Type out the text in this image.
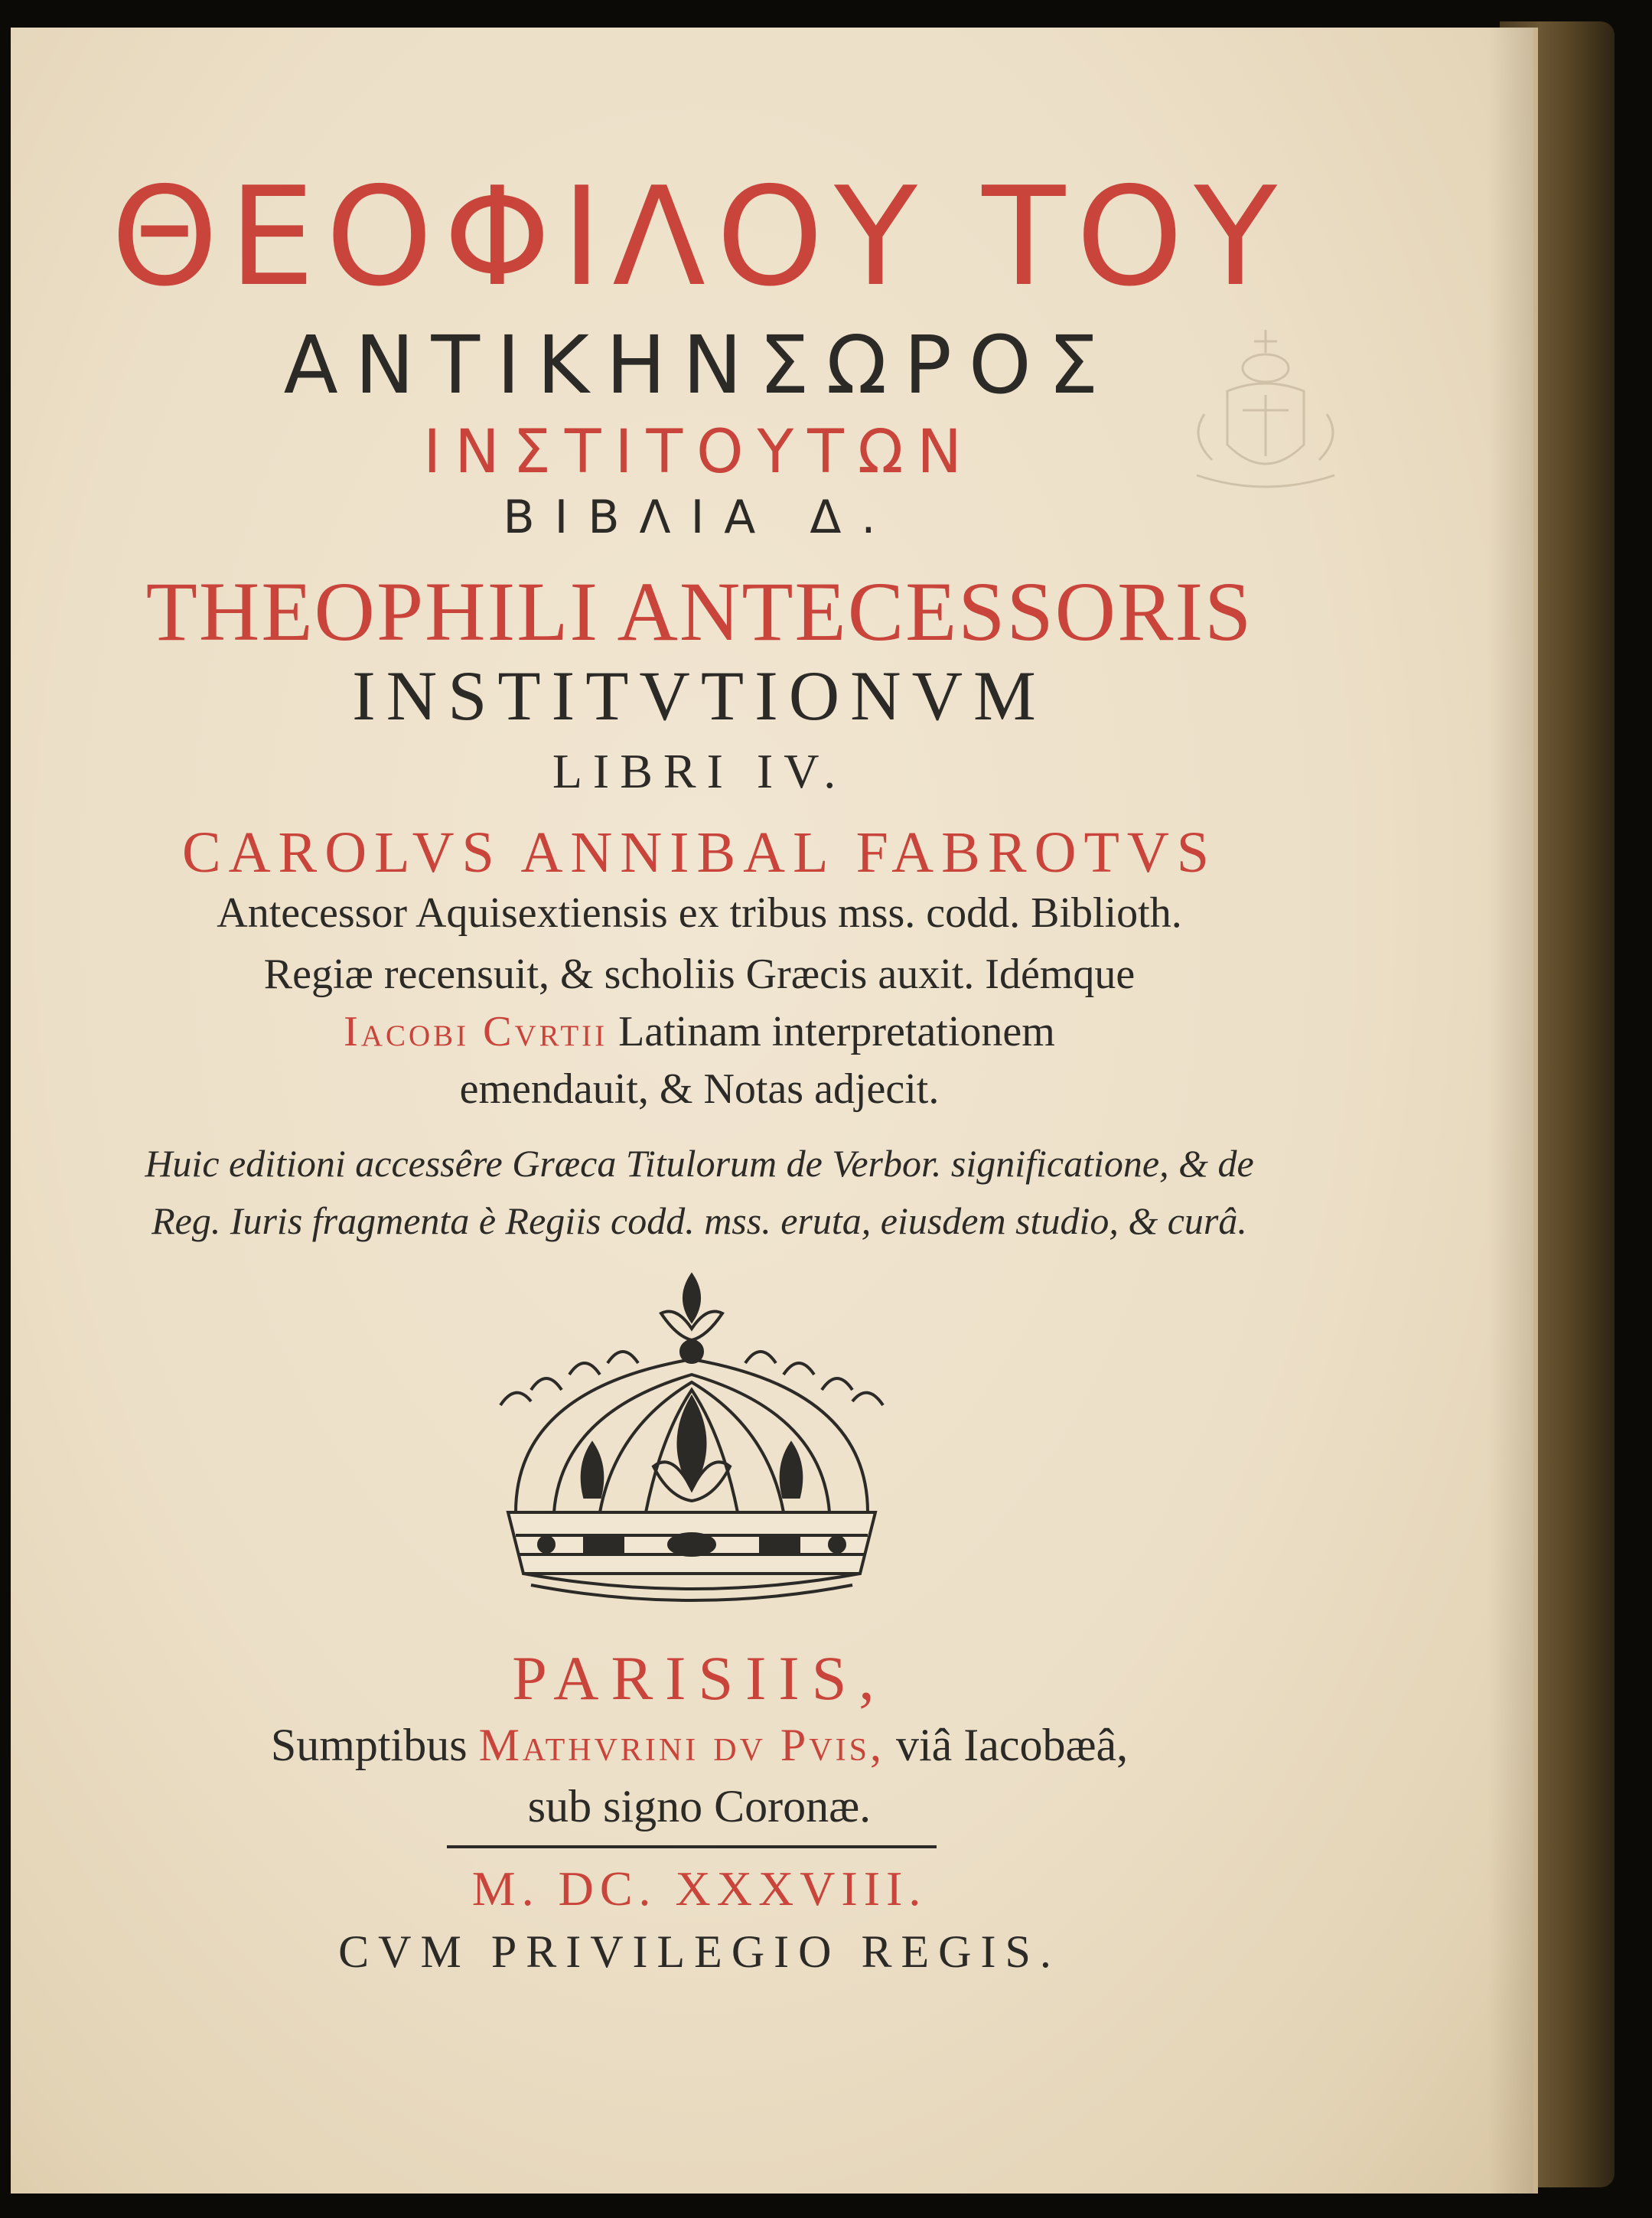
ΘΕΟΦΙΛΟΥ ΤΟΥ
ΑΝΤΙΚΗΝΣΩΡΟΣ
ΙΝΣΤΙΤΟΥΤΩΝ
ΒΙΒΛΙΑ Δ.
THEOPHILI ANTECESSORIS
INSTITVTIONVM
LIBRI IV.
CAROLVS ANNIBAL FABROTVS
Antecessor Aquisextiensis ex tribus mss. codd. Biblioth.
Regiæ recensuit, & scholiis Græcis auxit. Idémque
Iacobi Cvrtii Latinam interpretationem
emendauit, & Notas adjecit.
Huic editioni accessêre Græca Titulorum de Verbor. significatione, & de
Reg. Iuris fragmenta è Regiis codd. mss. eruta, eiusdem studio, & curâ.
PARISIIS,
Sumptibus Mathvrini dv Pvis, viâ Iacobæâ,
sub signo Coronæ.
M. DC. XXXVIII.
CVM PRIVILEGIO REGIS.
